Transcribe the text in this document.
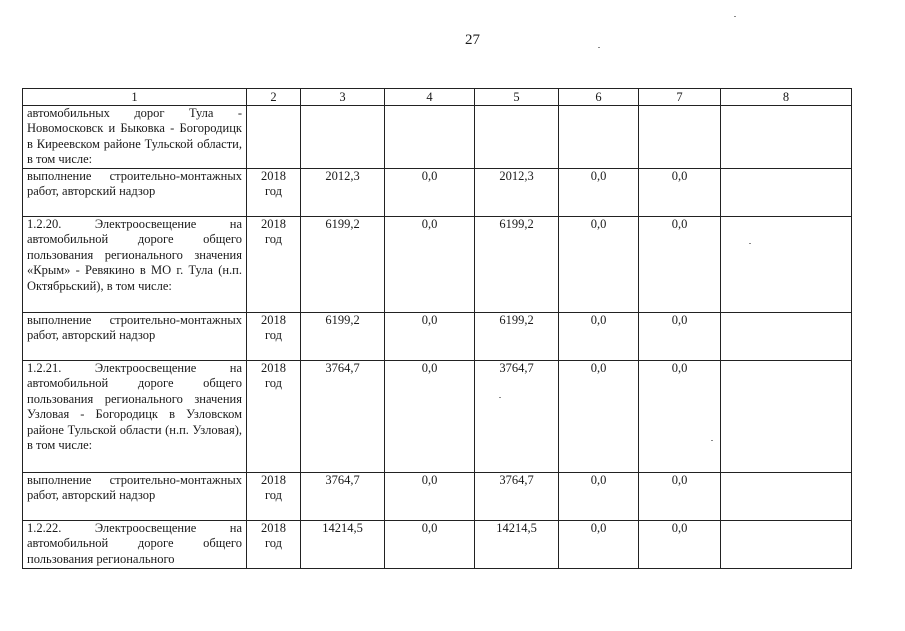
27
1	2	3	4	5	6	7	8
автомобильных дорог Тула - Новомосковск и Быковка - Богородицк в Киреевском районе Тульской области, в том числе:							
выполнение строительно-монтажных работ, авторский надзор	2018 год	2012,3	0,0	2012,3	0,0	0,0	
1.2.20. Электроосвещение на автомобильной дороге общего пользования регионального значения «Крым» - Ревякино в МО г. Тула (н.п. Октябрьский), в том числе:	2018 год	6199,2	0,0	6199,2	0,0	0,0	
выполнение строительно-монтажных работ, авторский надзор	2018 год	6199,2	0,0	6199,2	0,0	0,0	
1.2.21. Электроосвещение на автомобильной дороге общего пользования регионального значения Узловая - Богородицк в Узловском районе Тульской области (н.п. Узловая), в том числе:	2018 год	3764,7	0,0	3764,7	0,0	0,0	
выполнение строительно-монтажных работ, авторский надзор	2018 год	3764,7	0,0	3764,7	0,0	0,0	
1.2.22. Электроосвещение на автомобильной дороге общего пользования регионального	2018 год	14214,5	0,0	14214,5	0,0	0,0	
